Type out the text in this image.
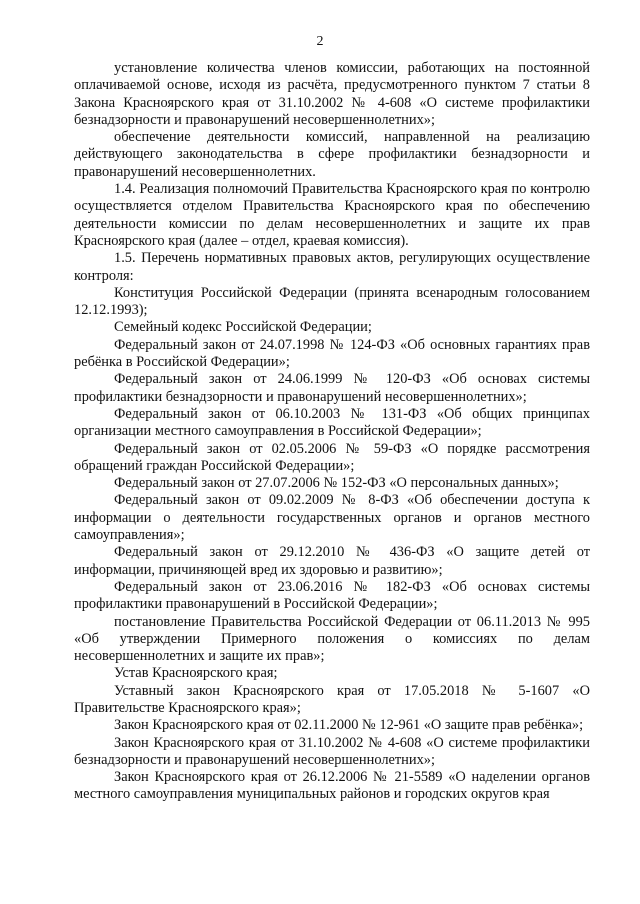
2

установление количества членов комиссии, работающих на постоянной оплачиваемой основе, исходя из расчёта, предусмотренного пунктом 7 статьи 8 Закона Красноярского края от 31.10.2002 № 4-608 «О системе профилактики безнадзорности и правонарушений несовершеннолетних»;

обеспечение деятельности комиссий, направленной на реализацию действующего законодательства в сфере профилактики безнадзорности и правонарушений несовершеннолетних.

1.4. Реализация полномочий Правительства Красноярского края по контролю осуществляется отделом Правительства Красноярского края по обеспечению деятельности комиссии по делам несовершеннолетних и защите их прав Красноярского края (далее – отдел, краевая комиссия).

1.5. Перечень нормативных правовых актов, регулирующих осуществление контроля:

Конституция Российской Федерации (принята всенародным голосованием 12.12.1993);

Семейный кодекс Российской Федерации;

Федеральный закон от 24.07.1998 № 124-ФЗ «Об основных гарантиях прав ребёнка в Российской Федерации»;

Федеральный закон от 24.06.1999 № 120-ФЗ «Об основах системы профилактики безнадзорности и правонарушений несовершеннолетних»;

Федеральный закон от 06.10.2003 № 131-ФЗ «Об общих принципах организации местного самоуправления в Российской Федерации»;

Федеральный закон от 02.05.2006 № 59-ФЗ «О порядке рассмотрения обращений граждан Российской Федерации»;

Федеральный закон от 27.07.2006 № 152-ФЗ «О персональных данных»;

Федеральный закон от 09.02.2009 № 8-ФЗ «Об обеспечении доступа к информации о деятельности государственных органов и органов местного самоуправления»;

Федеральный закон от 29.12.2010 № 436-ФЗ «О защите детей от информации, причиняющей вред их здоровью и развитию»;

Федеральный закон от 23.06.2016 № 182-ФЗ «Об основах системы профилактики правонарушений в Российской Федерации»;

постановление Правительства Российской Федерации от 06.11.2013 № 995 «Об утверждении Примерного положения о комиссиях по делам несовершеннолетних и защите их прав»;

Устав Красноярского края;

Уставный закон Красноярского края от 17.05.2018 № 5-1607 «О Правительстве Красноярского края»;

Закон Красноярского края от 02.11.2000 № 12-961 «О защите прав ребёнка»;

Закон Красноярского края от 31.10.2002 № 4-608 «О системе профилактики безнадзорности и правонарушений несовершеннолетних»;

Закон Красноярского края от 26.12.2006 № 21-5589 «О наделении органов местного самоуправления муниципальных районов и городских округов края
